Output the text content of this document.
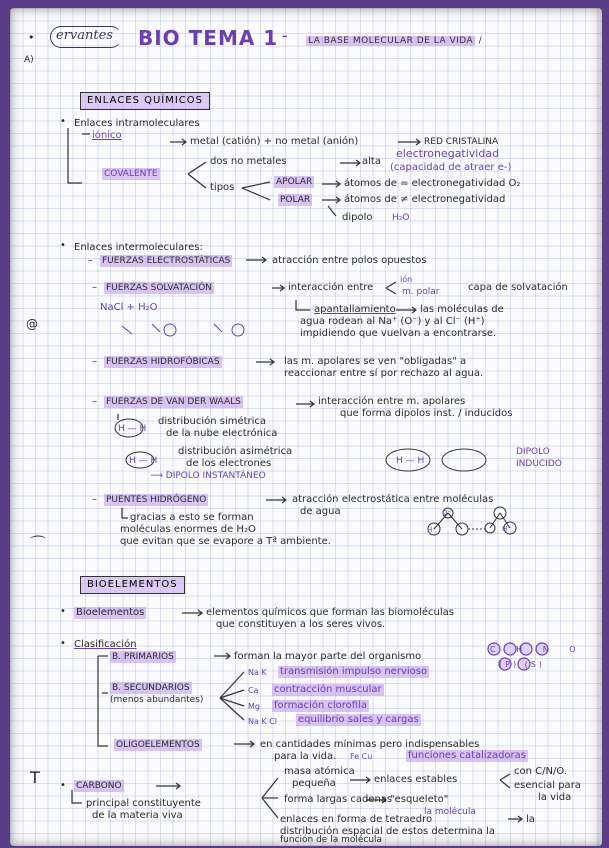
ervantes
A)
•	BIO TEMA 1 - LA BASE MOLECULAR DE LA VIDA /
ENLACES QUÍMICOS
• Enlaces intramoleculares
iónico
metal (catión) + no metal (anión)	RED CRISTALINA
COVALENTE
dos no metales	alta
electronegatividad
(capacidad de atraer e-)
tipos	APOLAR	átomos de = electronegatividad O₂
POLAR	átomos de ≠ electronegatividad
dipolo H₂O
• Enlaces intermoleculares:
– FUERZAS ELECTROSTÁTICAS	atracción entre polos opuestos
– FUERZAS SOLVATACIÓN	interacción entre
ión
m. polar	capa de solvatación
NaCl + H₂O	apantallamiento las moléculas de
agua rodean al Na⁺ (O⁻) y al Cl⁻ (H⁺)
impidiendo que vuelvan a encontrarse.
@
– FUERZAS HIDROFÓBICAS	las m. apolares se ven "obligadas" a
reaccionar entre sí por rechazo al agua.
– FUERZAS DE VAN DER WAALS	interacción entre m. apolares
que forma dipolos inst. / inducidos
H — H
distribución simétrica
de la nube electrónica
H — H
distribución asimétrica
de los electrones
⟶ DIPOLO INSTANTÁNEO
H — H
DIPOLO
INDUCIDO
– PUENTES HIDRÓGENO	atracción electrostática entre moléculas
de agua
gracias a esto se forman
moléculas enormes de H₂O
que evitan que se evapore a Tª ambiente.
O⁻
H⁺	H⁺
⌒
BIOELEMENTOS
• Bioelementos	elementos químicos que forman las biomoléculas
que constituyen a los seres vivos.
• Clasificación
B. PRIMARIOS	forman la mayor parte del organismo
C H N O
(P) (S)
B. SECUNDARIOS
(menos abundantes)
Na K transmisión impulso nervioso
Ca contracción muscular
Mg formación clorofila
Na K Cl equilibrio sales y cargas
OLIGOELEMENTOS	en cantidades mínimas pero indispensables
para la vida. Fe Cu	funciones catalizadoras
• CARBONO
principal constituyente
de la materia viva
masa atómica
pequeña	enlaces estables
con C/N/O.
esencial para
la vida
forma largas cadenas
"esqueleto"
la molécula
enlaces en forma de tetraedro	la
distribución espacial de estos determina la
función de la molécula
T
